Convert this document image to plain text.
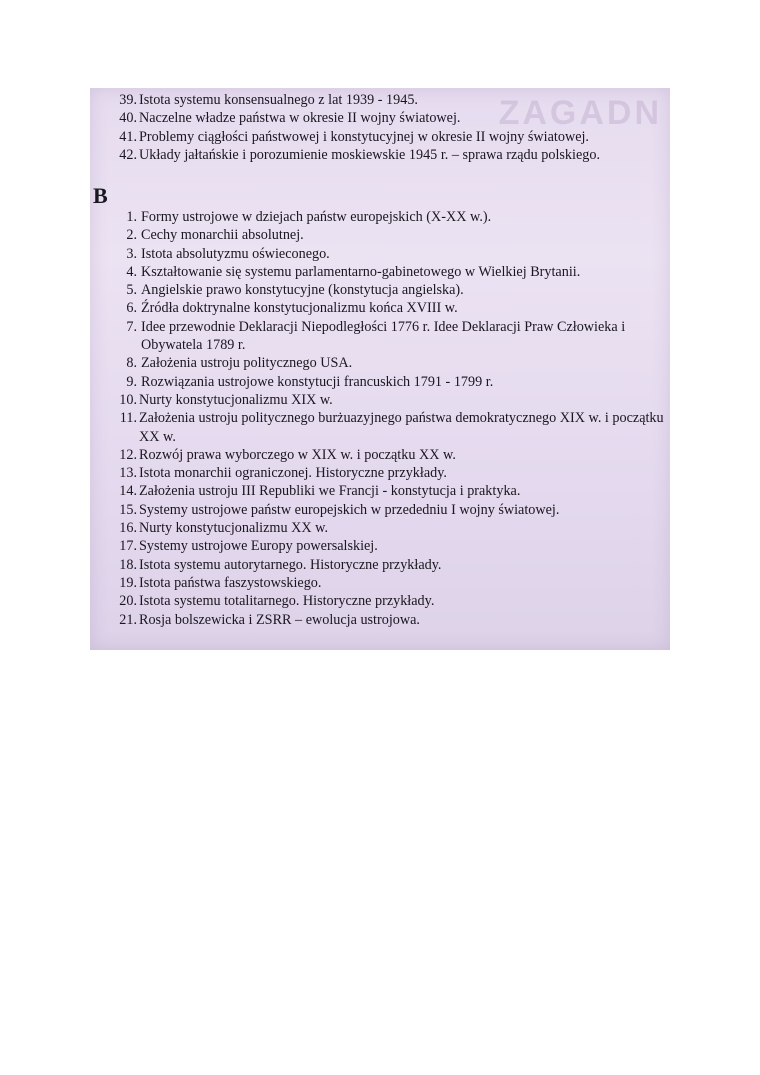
ZAGADN
39. Istota systemu konsensualnego z lat 1939 - 1945.
40. Naczelne władze państwa w okresie II wojny światowej.
41. Problemy ciągłości państwowej i konstytucyjnej w okresie II wojny światowej.
42. Układy jałtańskie i porozumienie moskiewskie 1945 r. – sprawa rządu polskiego.
B
1. Formy ustrojowe w dziejach państw europejskich (X-XX w.).
2. Cechy monarchii absolutnej.
3. Istota absolutyzmu oświeconego.
4. Kształtowanie się systemu parlamentarno-gabinetowego w Wielkiej Brytanii.
5. Angielskie prawo konstytucyjne (konstytucja angielska).
6. Źródła doktrynalne konstytucjonalizmu końca XVIII w.
7. Idee przewodnie Deklaracji Niepodległości 1776 r. Idee Deklaracji Praw Człowieka i Obywatela 1789 r.
8. Założenia ustroju politycznego USA.
9. Rozwiązania ustrojowe konstytucji francuskich 1791 - 1799 r.
10. Nurty konstytucjonalizmu XIX w.
11. Założenia ustroju politycznego burżuazyjnego państwa demokratycznego XIX w. i początku XX w.
12. Rozwój prawa wyborczego w XIX w. i początku XX w.
13. Istota monarchii ograniczonej. Historyczne przykłady.
14. Założenia ustroju III Republiki we Francji - konstytucja i praktyka.
15. Systemy ustrojowe państw europejskich w przededniu I wojny światowej.
16. Nurty konstytucjonalizmu XX w.
17. Systemy ustrojowe Europy powersalskiej.
18. Istota systemu autorytarnego. Historyczne przykłady.
19. Istota państwa faszystowskiego.
20. Istota systemu totalitarnego. Historyczne przykłady.
21. Rosja bolszewicka i ZSRR – ewolucja ustrojowa.
